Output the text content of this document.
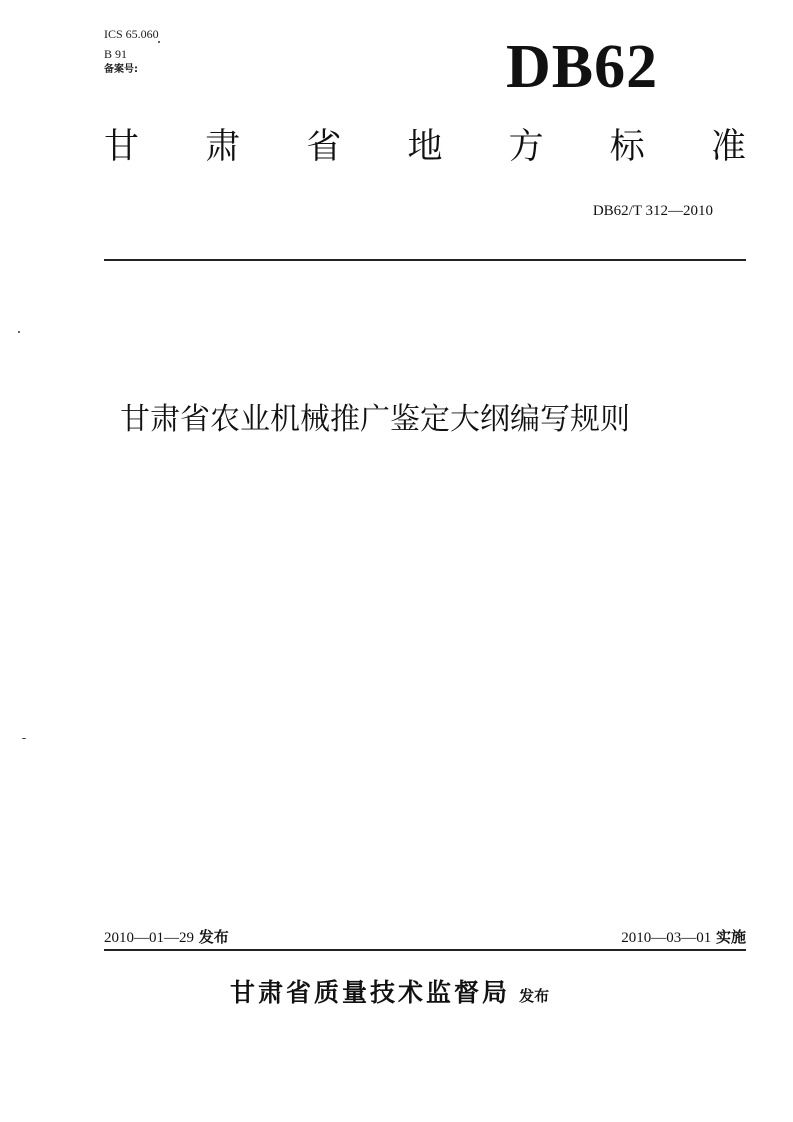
ICS 65.060
B 91
备案号:	DB62
甘 肃 省 地 方 标 准
DB62/T 312—2010
甘肃省农业机械推广鉴定大纲编写规则
2010—01—29 发布	2010—03—01 实施
甘肃省质量技术监督局 发布
